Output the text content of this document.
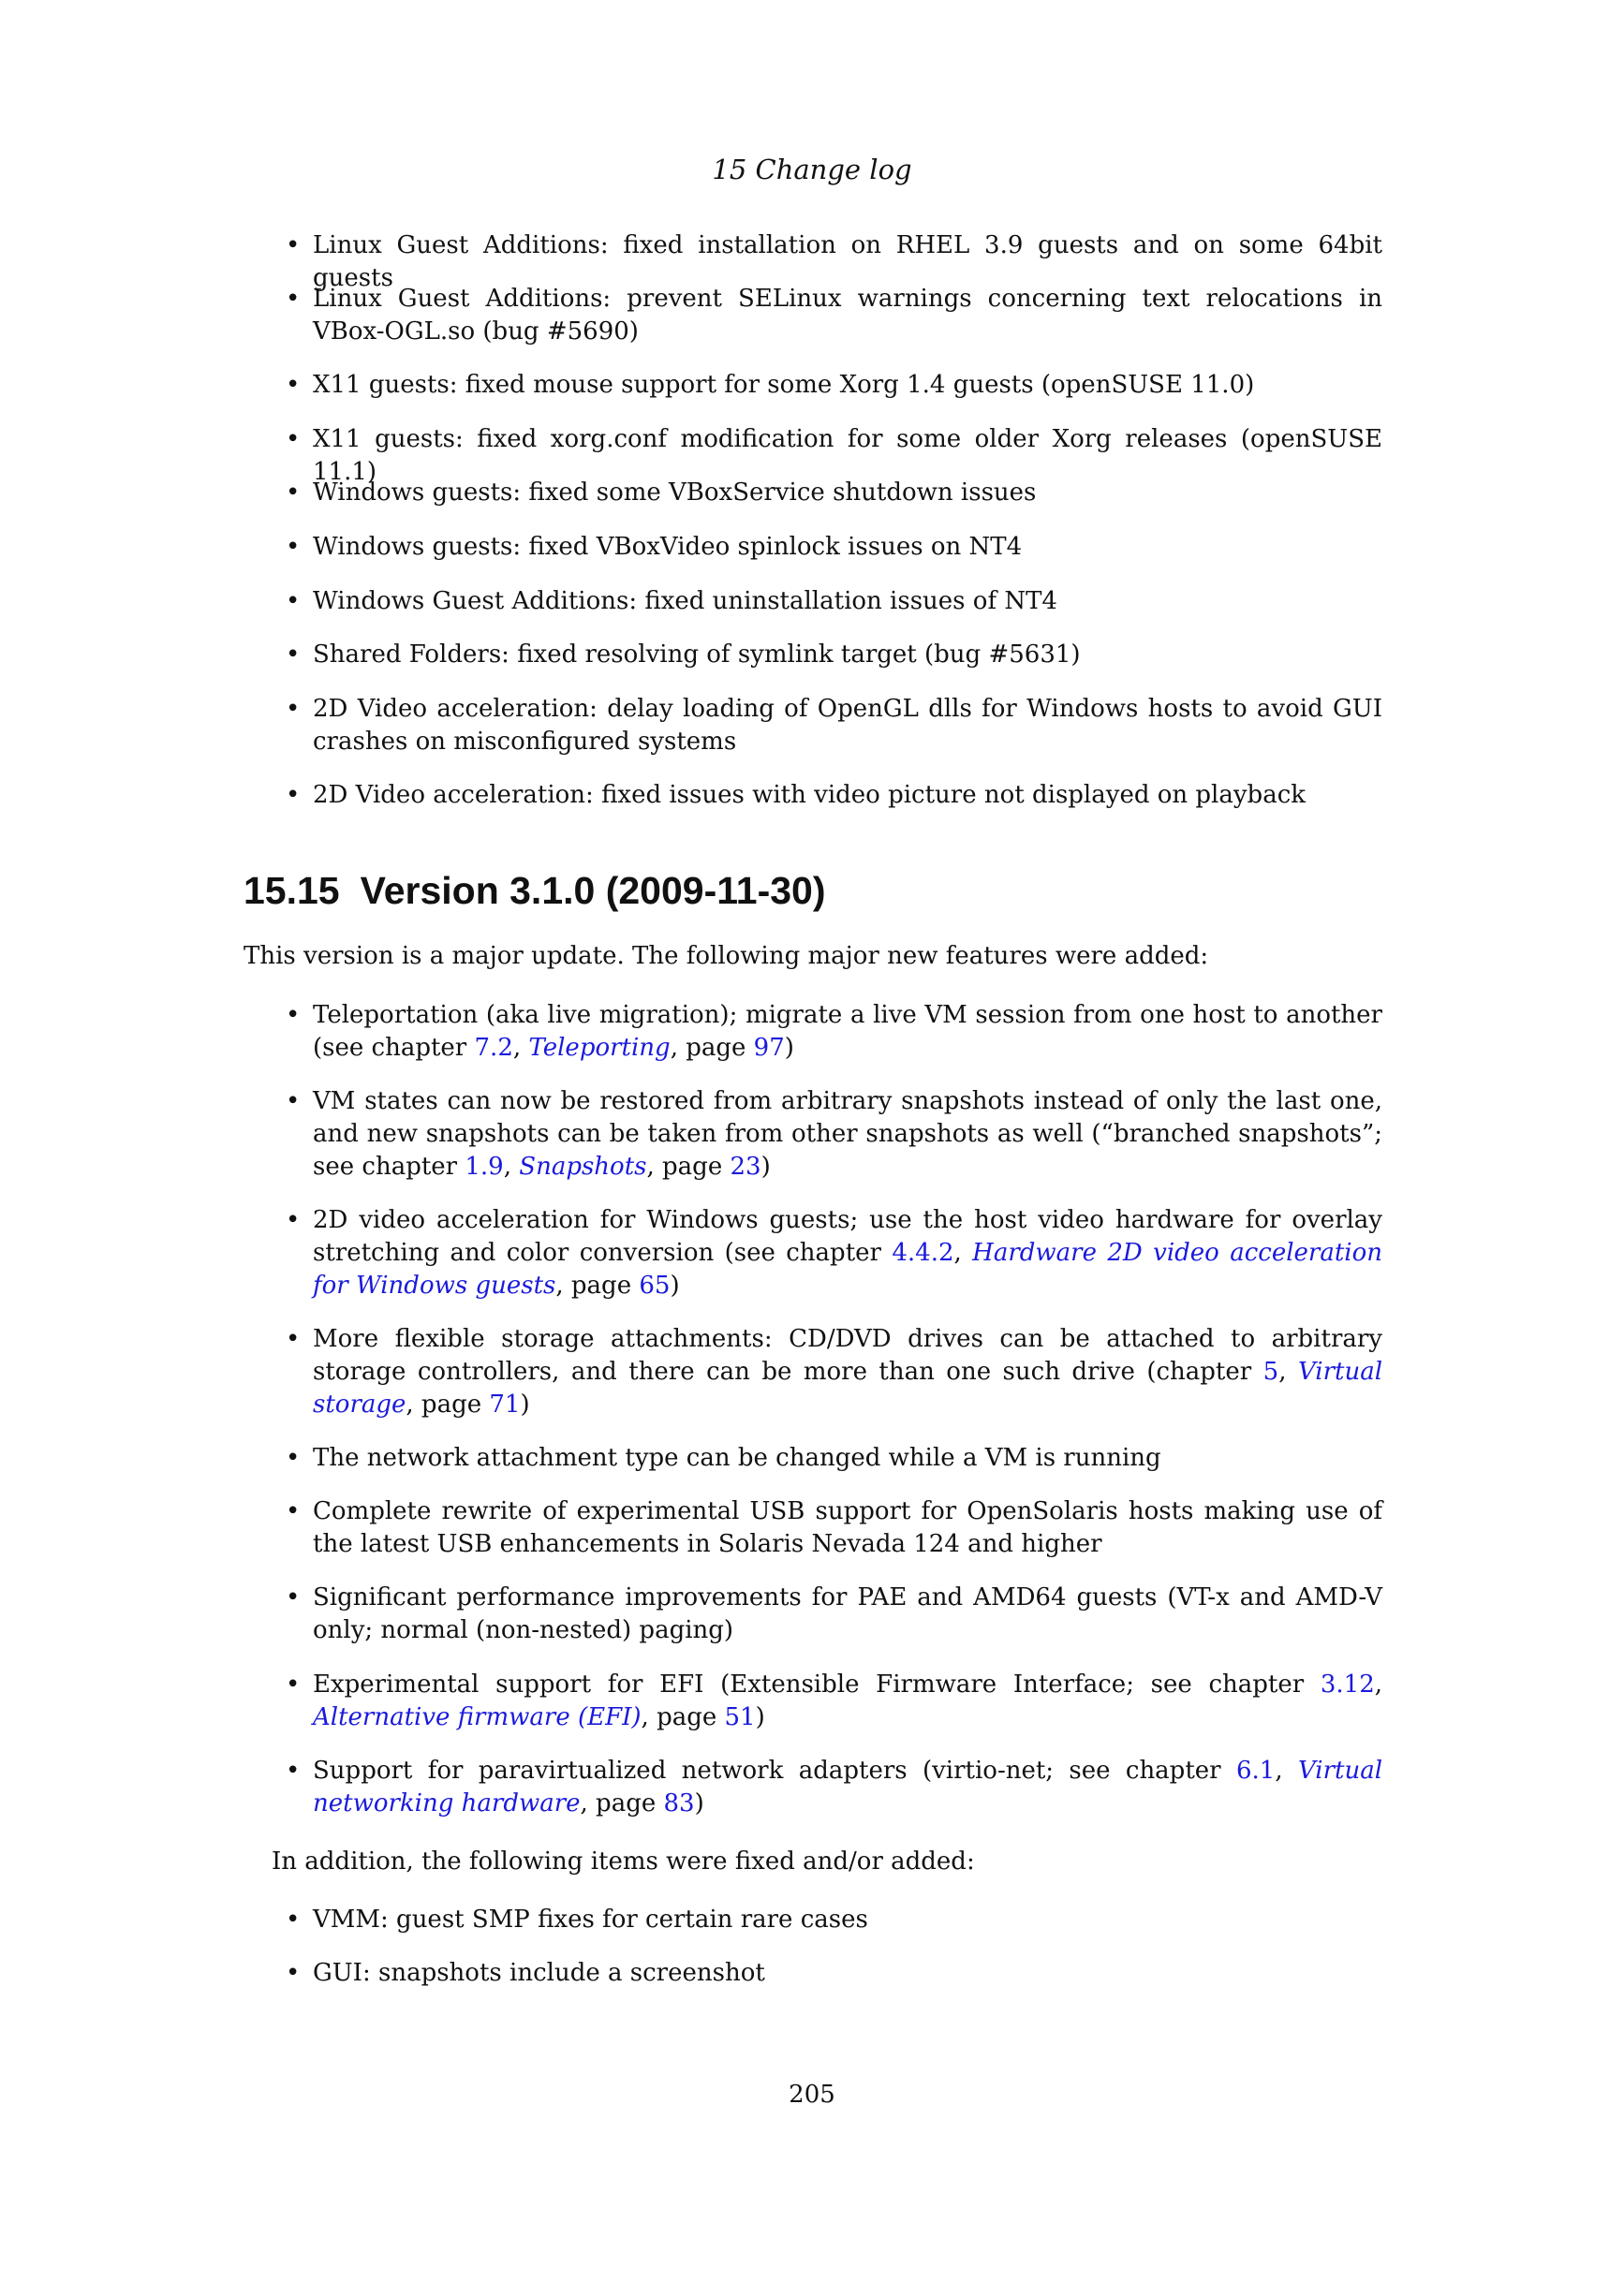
15 Change log
• Linux Guest Additions: fixed installation on RHEL 3.9 guests and on some 64bit guests
• Linux Guest Additions: prevent SELinux warnings concerning text relocations in VBox-OGL.so (bug #5690)
• X11 guests: fixed mouse support for some Xorg 1.4 guests (openSUSE 11.0)
• X11 guests: fixed xorg.conf modification for some older Xorg releases (openSUSE 11.1)
• Windows guests: fixed some VBoxService shutdown issues
• Windows guests: fixed VBoxVideo spinlock issues on NT4
• Windows Guest Additions: fixed uninstallation issues of NT4
• Shared Folders: fixed resolving of symlink target (bug #5631)
• 2D Video acceleration: delay loading of OpenGL dlls for Windows hosts to avoid GUI crashes on misconfigured systems
• 2D Video acceleration: fixed issues with video picture not displayed on playback
15.15 Version 3.1.0 (2009-11-30)

This version is a major update. The following major new features were added:

• Teleportation (aka live migration); migrate a live VM session from one host to another (see chapter 7.2, Teleporting, page 97)
• VM states can now be restored from arbitrary snapshots instead of only the last one, and new snapshots can be taken from other snapshots as well (“branched snapshots”; see chapter 1.9, Snapshots, page 23)
• 2D video acceleration for Windows guests; use the host video hardware for overlay stretching and color conversion (see chapter 4.4.2, Hardware 2D video acceleration for Windows guests, page 65)
• More flexible storage attachments: CD/DVD drives can be attached to arbitrary storage controllers, and there can be more than one such drive (chapter 5, Virtual storage, page 71)
• The network attachment type can be changed while a VM is running
• Complete rewrite of experimental USB support for OpenSolaris hosts making use of the latest USB enhancements in Solaris Nevada 124 and higher
• Significant performance improvements for PAE and AMD64 guests (VT-x and AMD-V only; normal (non-nested) paging)
• Experimental support for EFI (Extensible Firmware Interface; see chapter 3.12, Alternative firmware (EFI), page 51)
• Support for paravirtualized network adapters (virtio-net; see chapter 6.1, Virtual networking hardware, page 83)

In addition, the following items were fixed and/or added:

• VMM: guest SMP fixes for certain rare cases
• GUI: snapshots include a screenshot
205
